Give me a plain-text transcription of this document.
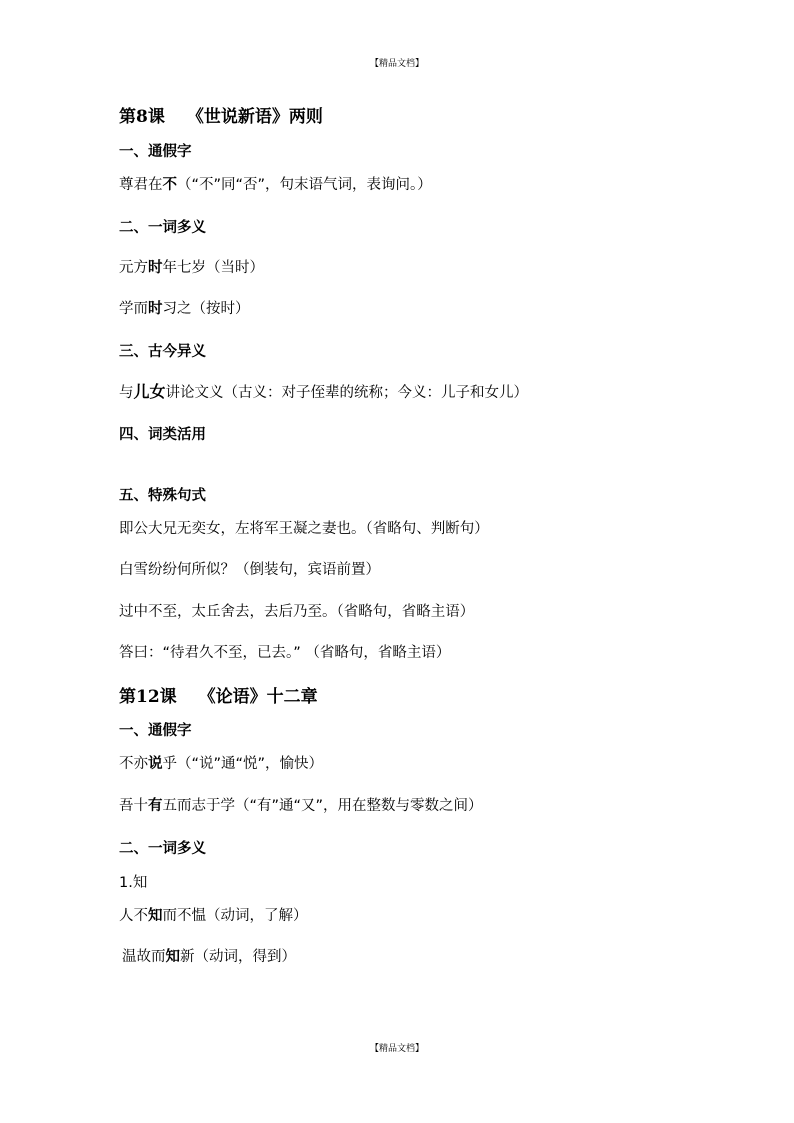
【精品文档】
第8课 《世说新语》两则
一、通假字
尊君在不（“不”同“否”，句末语气词，表询问。）
二、一词多义
元方时年七岁（当时）
学而时习之（按时）
三、古今异义
与儿女讲论文义（古义：对子侄辈的统称；今义：儿子和女儿）
四、词类活用
五、特殊句式
即公大兄无奕女，左将军王凝之妻也。（省略句、判断句）
白雪纷纷何所似？（倒装句，宾语前置）
过中不至，太丘舍去，去后乃至。（省略句，省略主语）
答曰：“待君久不至，已去。” （省略句，省略主语）
第12课 《论语》十二章
一、通假字
不亦说乎（“说”通“悦”，愉快）
吾十有五而志于学（“有”通“又”，用在整数与零数之间）
二、一词多义
1.知
人不知而不愠（动词，了解）
温故而知新（动词，得到）
【精品文档】
